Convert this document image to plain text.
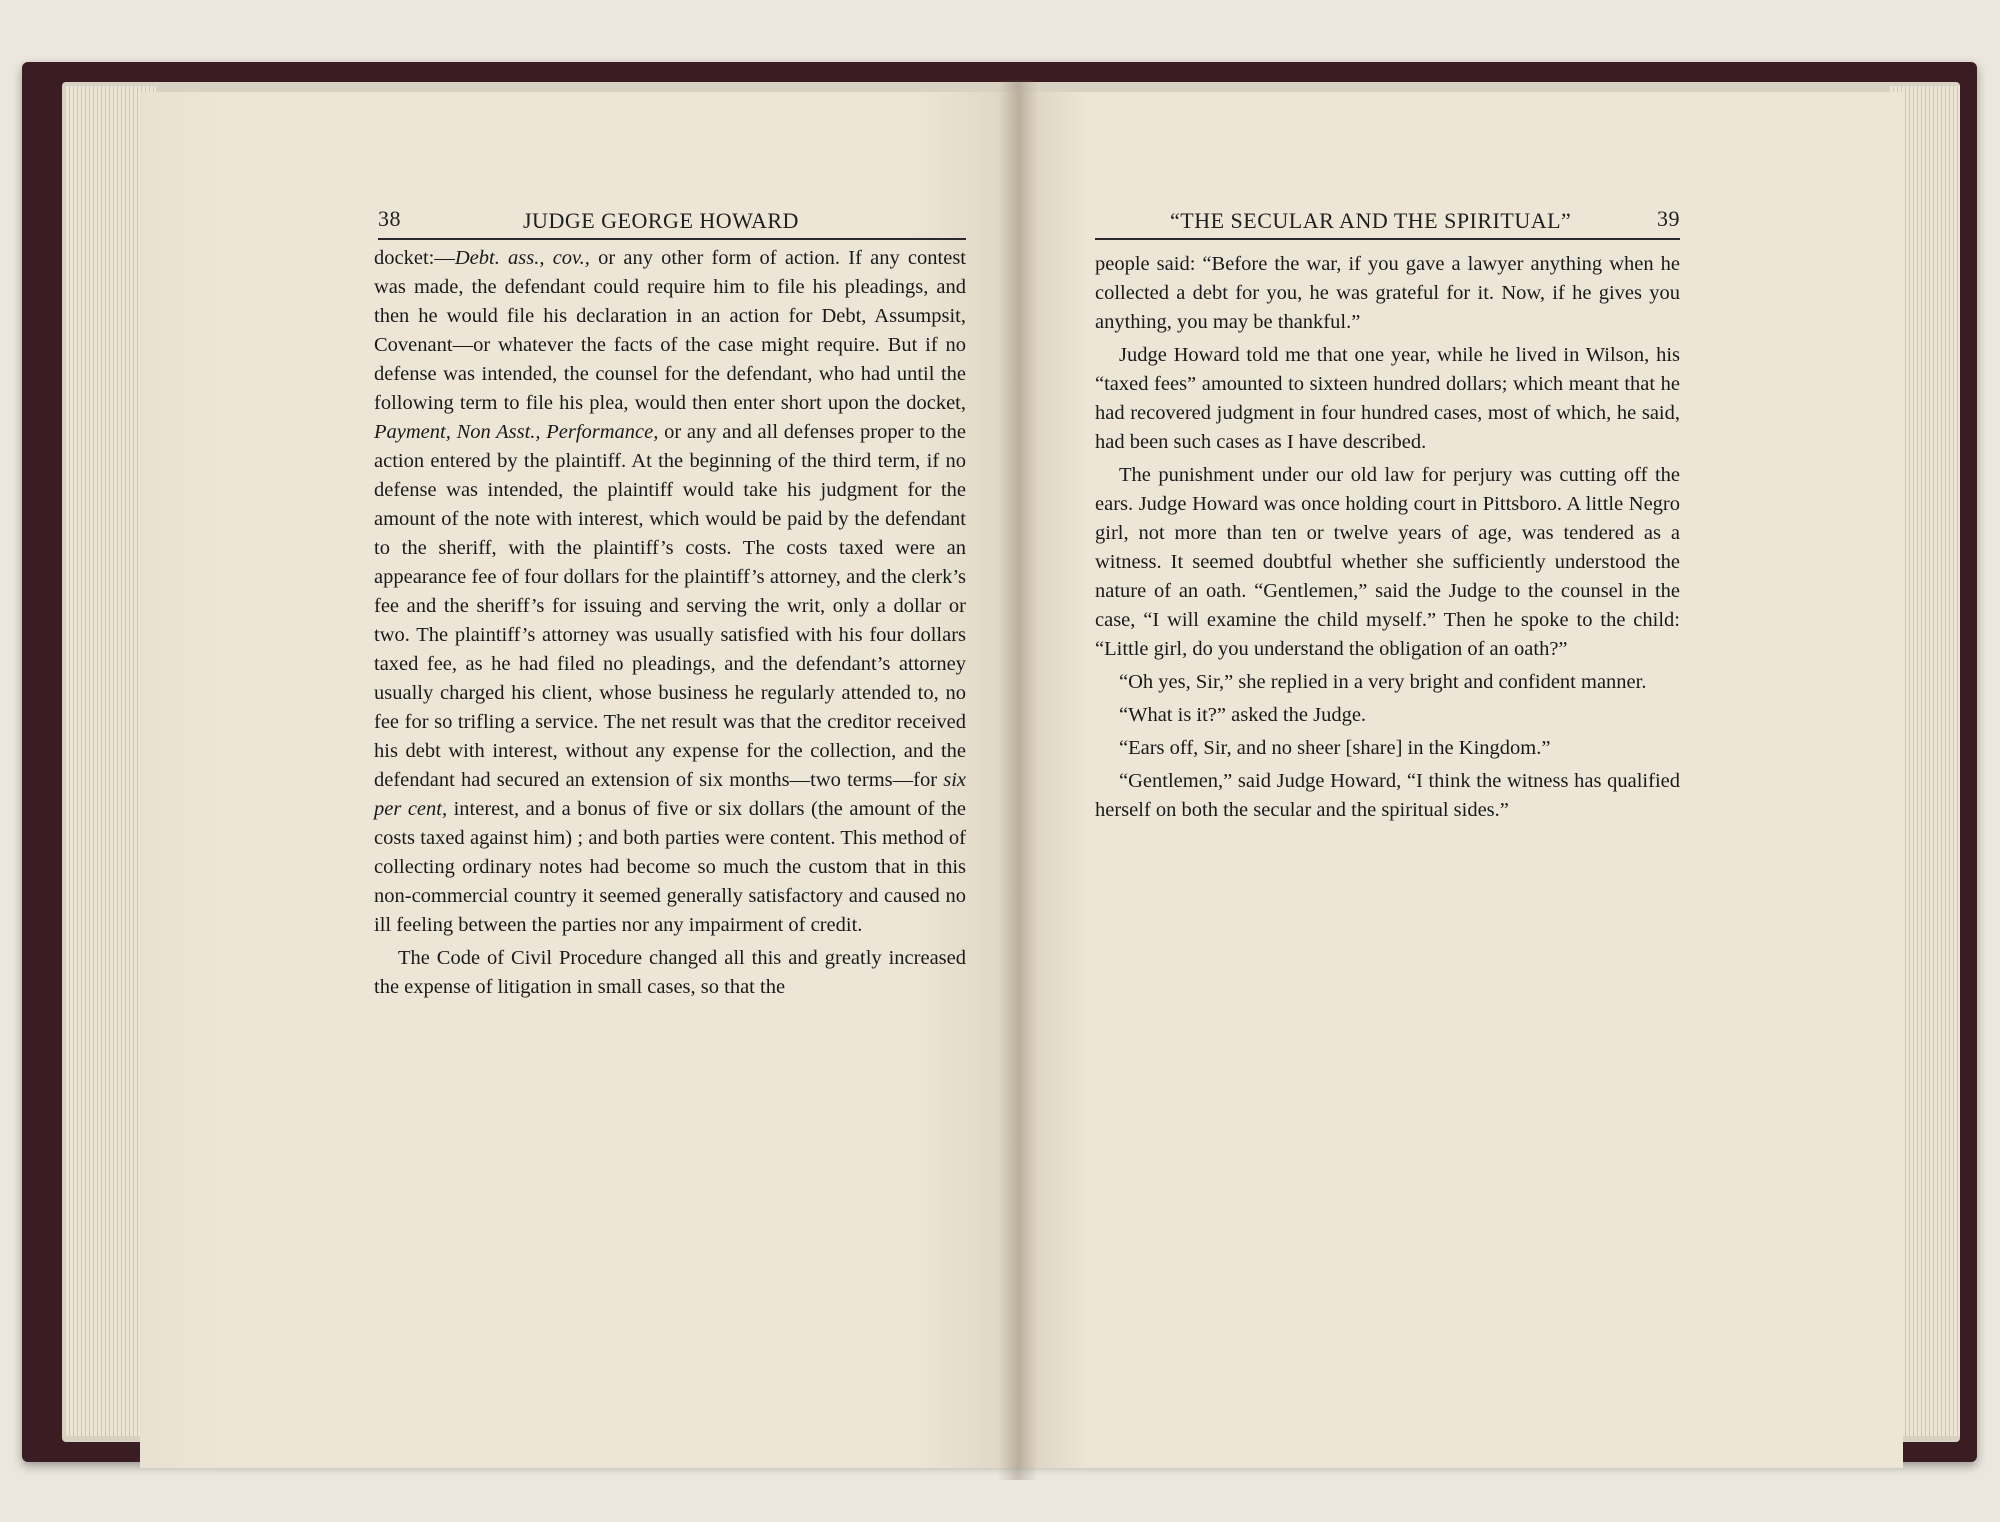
38	JUDGE GEORGE HOWARD	“THE SECULAR AND THE SPIRITUAL”	39

docket:—Debt. ass., cov., or any other form of action. If any contest was made, the defendant could require him to file his pleadings, and then he would file his declaration in an action for Debt, Assumpsit, Covenant—or whatever the facts of the case might require. But if no defense was intended, the counsel for the defendant, who had until the following term to file his plea, would then enter short upon the docket, Payment, Non Asst., Performance, or any and all defenses proper to the action entered by the plaintiff. At the beginning of the third term, if no defense was intended, the plaintiff would take his judgment for the amount of the note with interest, which would be paid by the defendant to the sheriff, with the plaintiff’s costs. The costs taxed were an appearance fee of four dollars for the plaintiff’s attorney, and the clerk’s fee and the sheriff’s for issuing and serving the writ, only a dollar or two. The plaintiff’s attorney was usually satisfied with his four dollars taxed fee, as he had filed no pleadings, and the defendant’s attorney usually charged his client, whose business he regularly attended to, no fee for so trifling a service. The net result was that the creditor received his debt with interest, without any expense for the collection, and the defendant had secured an extension of six months—two terms—for six per cent, interest, and a bonus of five or six dollars (the amount of the costs taxed against him) ; and both parties were content. This method of collecting ordinary notes had become so much the custom that in this non-commercial country it seemed generally satisfactory and caused no ill feeling between the parties nor any impairment of credit.

The Code of Civil Procedure changed all this and greatly increased the expense of litigation in small cases, so that the

people said: “Before the war, if you gave a lawyer anything when he collected a debt for you, he was grateful for it. Now, if he gives you anything, you may be thankful.”

Judge Howard told me that one year, while he lived in Wilson, his “taxed fees” amounted to sixteen hundred dollars; which meant that he had recovered judgment in four hundred cases, most of which, he said, had been such cases as I have described.

The punishment under our old law for perjury was cutting off the ears. Judge Howard was once holding court in Pittsboro. A little Negro girl, not more than ten or twelve years of age, was tendered as a witness. It seemed doubtful whether she sufficiently understood the nature of an oath. “Gentlemen,” said the Judge to the counsel in the case, “I will examine the child myself.” Then he spoke to the child: “Little girl, do you understand the obligation of an oath?”

“Oh yes, Sir,” she replied in a very bright and confident manner.

“What is it?” asked the Judge.

“Ears off, Sir, and no sheer [share] in the Kingdom.”

“Gentlemen,” said Judge Howard, “I think the witness has qualified herself on both the secular and the spiritual sides.”
